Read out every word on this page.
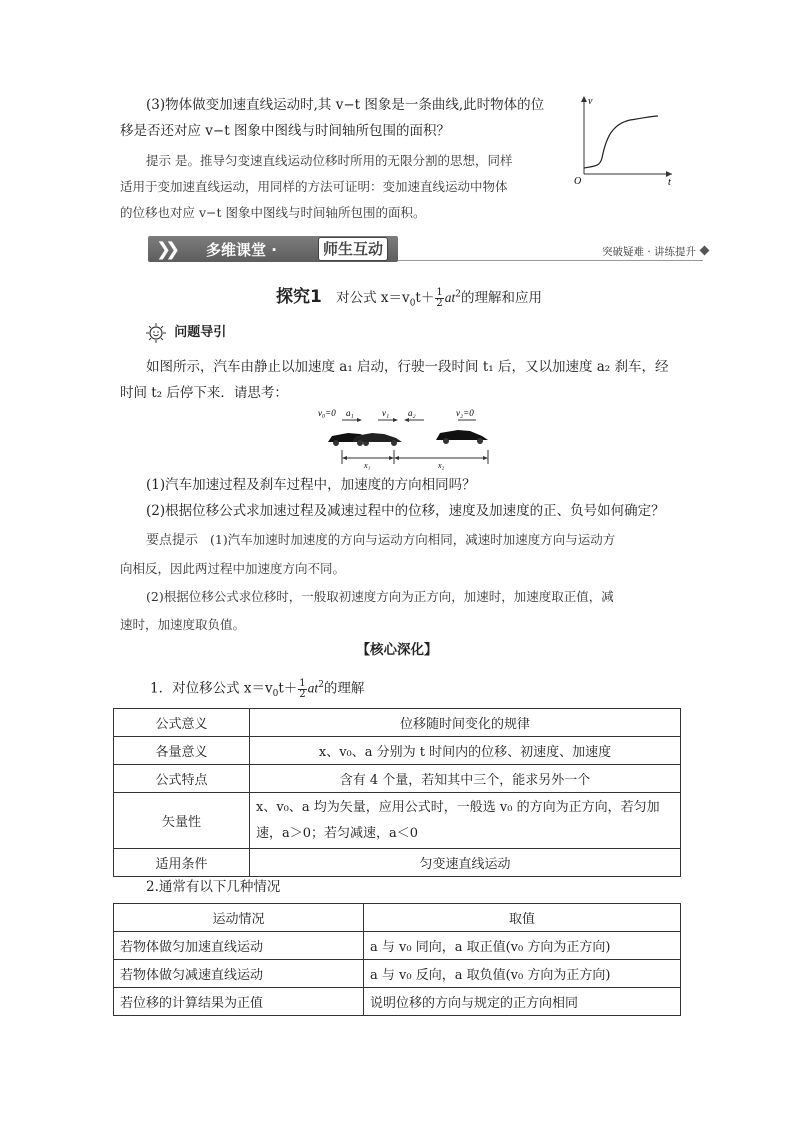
(3)物体做变加速直线运动时,其 v−t 图象是一条曲线,此时物体的位
移是否还对应 v−t 图象中图线与时间轴所包围的面积？
提示 是。推导匀变速直线运动位移时所用的无限分割的思想，同样
适用于变加速直线运动，用同样的方法可证明：变加速直线运动中物体
的位移也对应 v−t 图象中图线与时间轴所包围的面积。
v
t
O
❯❯ 多维课堂 ·	师生互动	突破疑难 · 讲练提升
探究1 对公式 $x=v_0t+ \frac{1}{2} at^2$的理解和应用
问题导引
如图所示，汽车由静止以加速度 a₁ 启动，行驶一段时间 t₁ 后，又以加速度 a₂ 刹车，经
时间 t₂ 后停下来．请思考：
v₀=0 a₁	v₁ a₂	v₂=0
x₁	x₂
(1)汽车加速过程及刹车过程中，加速度的方向相同吗？
(2)根据位移公式求加速过程及减速过程中的位移，速度及加速度的正、负号如何确定？
要点提示 (1)汽车加速时加速度的方向与运动方向相同，减速时加速度方向与运动方
向相反，因此两过程中加速度方向不同。
(2)根据位移公式求位移时，一般取初速度方向为正方向，加速时，加速度取正值，减
速时，加速度取负值。
【核心深化】
1．对位移公式 $x=v_0t+ \frac{1}{2} at^2$的理解
公式意义	位移随时间变化的规律
各量意义	x、v₀、a 分别为 t 时间内的位移、初速度、加速度
公式特点	含有 4 个量，若知其中三个，能求另外一个
矢量性	x、v₀、a 均为矢量，应用公式时，一般选 v₀ 的方向为正方向，若匀加
速，a＞0；若匀减速，a＜0

适用条件	匀变速直线运动
2.通常有以下几种情况
运动情况	取值
若物体做匀加速直线运动	a 与 v₀ 同向，a 取正值(v₀ 方向为正方向)
若物体做匀减速直线运动	a 与 v₀ 反向，a 取负值(v₀ 方向为正方向)
若位移的计算结果为正值	说明位移的方向与规定的正方向相同
